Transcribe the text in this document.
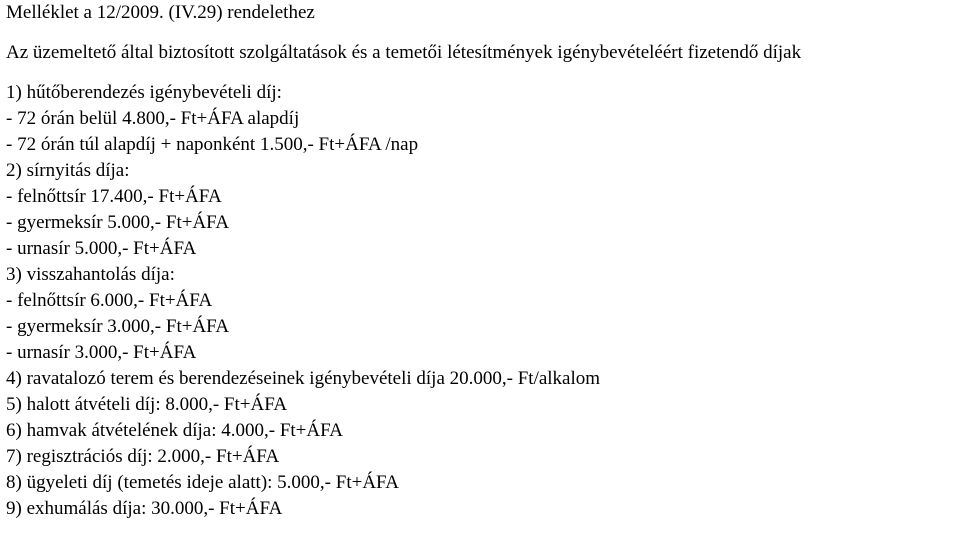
Melléklet a 12/2009. (IV.29) rendelethez
Az üzemeltető által biztosított szolgáltatások és a temetői létesítmények igénybevételéért fizetendő díjak
1) hűtőberendezés igénybevételi díj:
- 72 órán belül 4.800,- Ft+ÁFA alapdíj
- 72 órán túl alapdíj + naponként 1.500,- Ft+ÁFA /nap
2) sírnyitás díja:
- felnőttsír 17.400,- Ft+ÁFA
- gyermeksír 5.000,- Ft+ÁFA
- urnasír 5.000,- Ft+ÁFA
3) visszahantolás díja:
- felnőttsír 6.000,- Ft+ÁFA
- gyermeksír 3.000,- Ft+ÁFA
- urnasír 3.000,- Ft+ÁFA
4) ravatalozó terem és berendezéseinek igénybevételi díja 20.000,- Ft/alkalom
5) halott átvételi díj: 8.000,- Ft+ÁFA
6) hamvak átvételének díja: 4.000,- Ft+ÁFA
7) regisztrációs díj: 2.000,- Ft+ÁFA
8) ügyeleti díj (temetés ideje alatt): 5.000,- Ft+ÁFA
9) exhumálás díja: 30.000,- Ft+ÁFA
